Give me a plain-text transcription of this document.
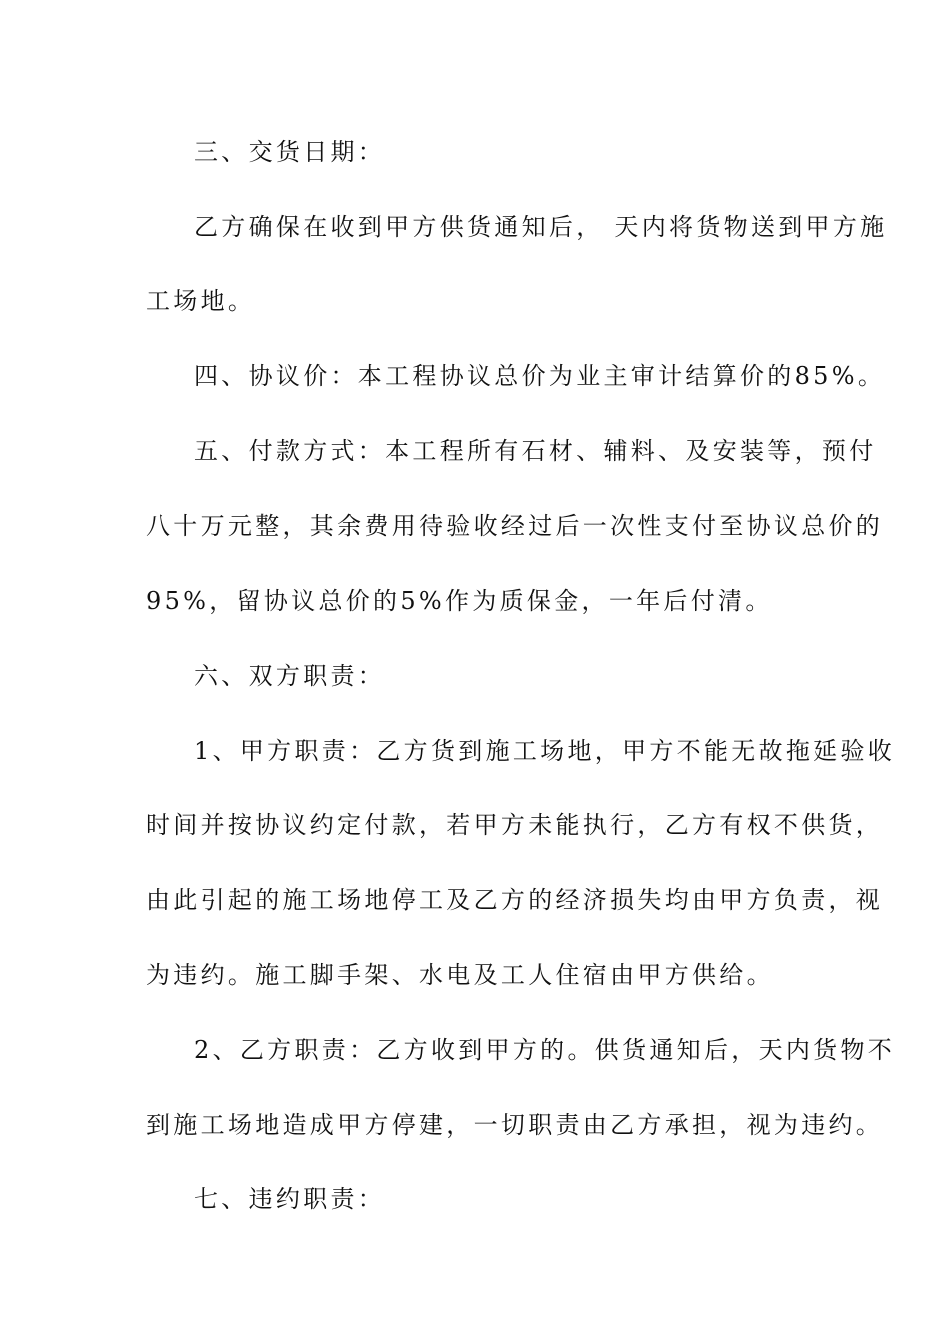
三、交货日期：
乙方确保在收到甲方供货通知后， 天内将货物送到甲方施
工场地。
四、协议价：本工程协议总价为业主审计结算价的85%。
五、付款方式：本工程所有石材、辅料、及安装等，预付
八十万元整，其余费用待验收经过后一次性支付至协议总价的
95%，留协议总价的5%作为质保金，一年后付清。
六、双方职责：
1、甲方职责：乙方货到施工场地，甲方不能无故拖延验收
时间并按协议约定付款，若甲方未能执行，乙方有权不供货，
由此引起的施工场地停工及乙方的经济损失均由甲方负责，视
为违约。施工脚手架、水电及工人住宿由甲方供给。
2、乙方职责：乙方收到甲方的。供货通知后，天内货物不
到施工场地造成甲方停建，一切职责由乙方承担，视为违约。
七、违约职责：
